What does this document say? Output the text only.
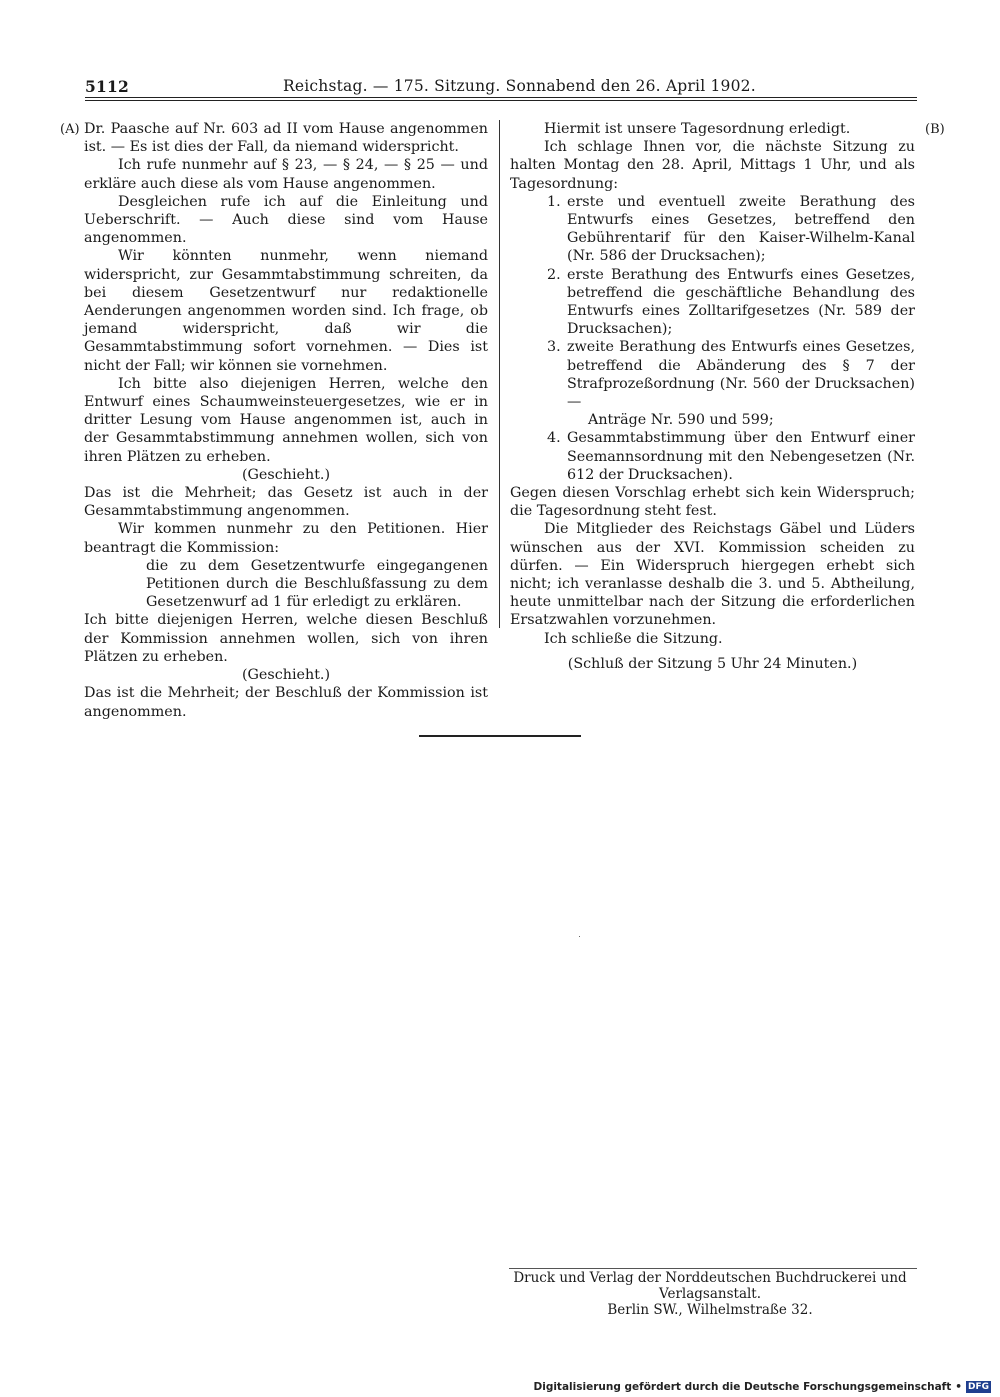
5112	Reichstag. — 175. Sitzung. Sonnabend den 26. April 1902.
(A)	(B)

Dr. Paasche auf Nr. 603 ad II vom Hause angenommen ist. — Es ist dies der Fall, da niemand widerspricht.

Ich rufe nunmehr auf § 23, — § 24, — § 25 — und erkläre auch diese als vom Hause angenommen.

Desgleichen rufe ich auf die Einleitung und Ueberschrift. — Auch diese sind vom Hause angenommen.

Wir könnten nunmehr, wenn niemand widerspricht, zur Gesammtabstimmung schreiten, da bei diesem Gesetzentwurf nur redaktionelle Aenderungen angenommen worden sind. Ich frage, ob jemand widerspricht, daß wir die Gesammtabstimmung sofort vornehmen. — Dies ist nicht der Fall; wir können sie vornehmen.

Ich bitte also diejenigen Herren, welche den Entwurf eines Schaumweinsteuergesetzes, wie er in dritter Lesung vom Hause angenommen ist, auch in der Gesammtabstimmung annehmen wollen, sich von ihren Plätzen zu erheben.

(Geschieht.)

Das ist die Mehrheit; das Gesetz ist auch in der Gesammtabstimmung angenommen.

Wir kommen nunmehr zu den Petitionen. Hier beantragt die Kommission:

die zu dem Gesetzentwurfe eingegangenen Petitionen durch die Beschlußfassung zu dem Gesetzenwurf ad 1 für erledigt zu erklären.

Ich bitte diejenigen Herren, welche diesen Beschluß der Kommission annehmen wollen, sich von ihren Plätzen zu erheben.

(Geschieht.)

Das ist die Mehrheit; der Beschluß der Kommission ist angenommen.

Hiermit ist unsere Tagesordnung erledigt.

Ich schlage Ihnen vor, die nächste Sitzung zu halten Montag den 28. April, Mittags 1 Uhr, und als Tagesordnung:

1. erste und eventuell zweite Berathung des Entwurfs eines Gesetzes, betreffend den Gebührentarif für den Kaiser-Wilhelm-Kanal (Nr. 586 der Drucksachen);
2. erste Berathung des Entwurfs eines Gesetzes, betreffend die geschäftliche Behandlung des Entwurfs eines Zolltarifgesetzes (Nr. 589 der Drucksachen);
3. zweite Berathung des Entwurfs eines Gesetzes, betreffend die Abänderung des § 7 der Strafprozeßordnung (Nr. 560 der Drucksachen) —

Anträge Nr. 590 und 599;

4. Gesammtabstimmung über den Entwurf einer Seemannsordnung mit den Nebengesetzen (Nr. 612 der Drucksachen).

Gegen diesen Vorschlag erhebt sich kein Widerspruch; die Tagesordnung steht fest.

Die Mitglieder des Reichstags Gäbel und Lüders wünschen aus der XVI. Kommission scheiden zu dürfen. — Ein Widerspruch hiergegen erhebt sich nicht; ich veranlasse deshalb die 3. und 5. Abtheilung, heute unmittelbar nach der Sitzung die erforderlichen Ersatzwahlen vorzunehmen.

Ich schließe die Sitzung.

(Schluß der Sitzung 5 Uhr 24 Minuten.)

Druck und Verlag der Norddeutschen Buchdruckerei und Verlagsanstalt.

Berlin SW., Wilhelmstraße 32.

Digitalisierung gefördert durch die Deutsche Forschungsgemeinschaft • DFG
